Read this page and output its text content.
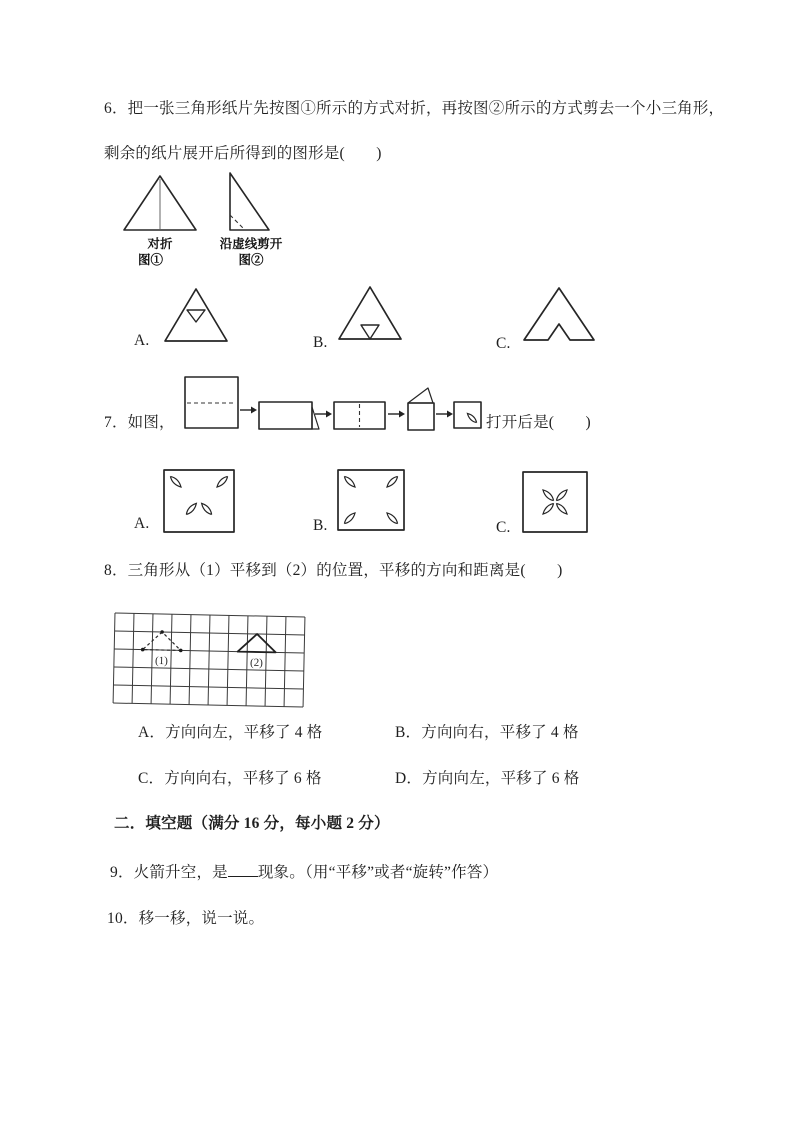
6．把一张三角形纸片先按图①所示的方式对折，再按图②所示的方式剪去一个小三角形，
剩余的纸片展开后所得到的图形是(　　)
对折
图①
沿虚线剪开
图②
A.	B.	C.
7．如图，	打开后是(　　)
A.	B.	C.
8．三角形从（1）平移到（2）的位置，平移的方向和距离是(　　)
(1)	(2)
A．方向向左，平移了 4 格	B．方向向右，平移了 4 格
C．方向向右，平移了 6 格	D．方向向左，平移了 6 格
二．填空题（满分 16 分，每小题 2 分）
9．火箭升空，是 现象。（用“平移”或者“旋转”作答）
10．移一移，说一说。
